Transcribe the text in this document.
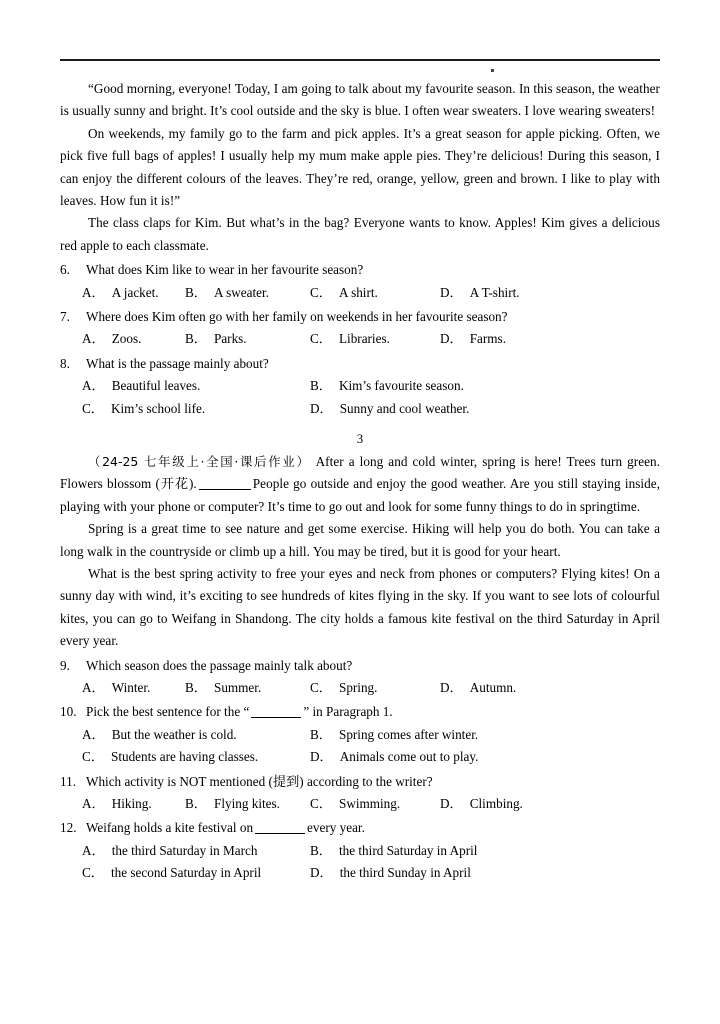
“Good morning, everyone! Today, I am going to talk about my favourite season. In this season, the weather is usually sunny and bright. It’s cool outside and the sky is blue. I often wear sweaters. I love wearing sweaters!

On weekends, my family go to the farm and pick apples. It’s a great season for apple picking. Often, we pick five full bags of apples! I usually help my mum make apple pies. They’re delicious! During this season, I can enjoy the different colours of the leaves. They’re red, orange, yellow, green and brown. I like to play with leaves. How fun it is!”

The class claps for Kim. But what’s in the bag? Everyone wants to know. Apples! Kim gives a delicious red apple to each classmate.

6.	What does Kim like to wear in her favourite season?
A． A jacket. B． A sweater.	C． A shirt.	D． A T-shirt.
7.	Where does Kim often go with her family on weekends in her favourite season?
A． Zoos.	B． Parks.	C． Libraries.	D． Farms.
8.	What is the passage mainly about?
A． Beautiful leaves.	B． Kim’s favourite season.
C． Kim’s school life.	D． Sunny and cool weather.
3

（24-25 七年级上·全国·课后作业） After a long and cold winter, spring is here! Trees turn green. Flowers blossom (开花).	People go outside and enjoy the good weather. Are you still staying inside, playing with your phone or computer? It’s time to go out and look for some funny things to do in springtime.

Spring is a great time to see nature and get some exercise. Hiking will help you do both. You can take a long walk in the countryside or climb up a hill. You may be tired, but it is good for your heart.

What is the best spring activity to free your eyes and neck from phones or computers? Flying kites! On a sunny day with wind, it’s exciting to see hundreds of kites flying in the sky. If you want to see lots of colourful kites, you can go to Weifang in Shandong. The city holds a famous kite festival on the third Saturday in April every year.

9.	Which season does the passage mainly talk about?
A． Winter.	B． Summer.	C． Spring.	D． Autumn.
10. Pick the best sentence for the “	” in Paragraph 1.
A． But the weather is cold.	B． Spring comes after winter.
C． Students are having classes.	D． Animals come out to play.
11. Which activity is NOT mentioned (提到) according to the writer?
A． Hiking.	B． Flying kites. C． Swimming.	D． Climbing.
12. Weifang holds a kite festival on	every year.
A． the third Saturday in March	B． the third Saturday in April
C． the second Saturday in April	D． the third Sunday in April
